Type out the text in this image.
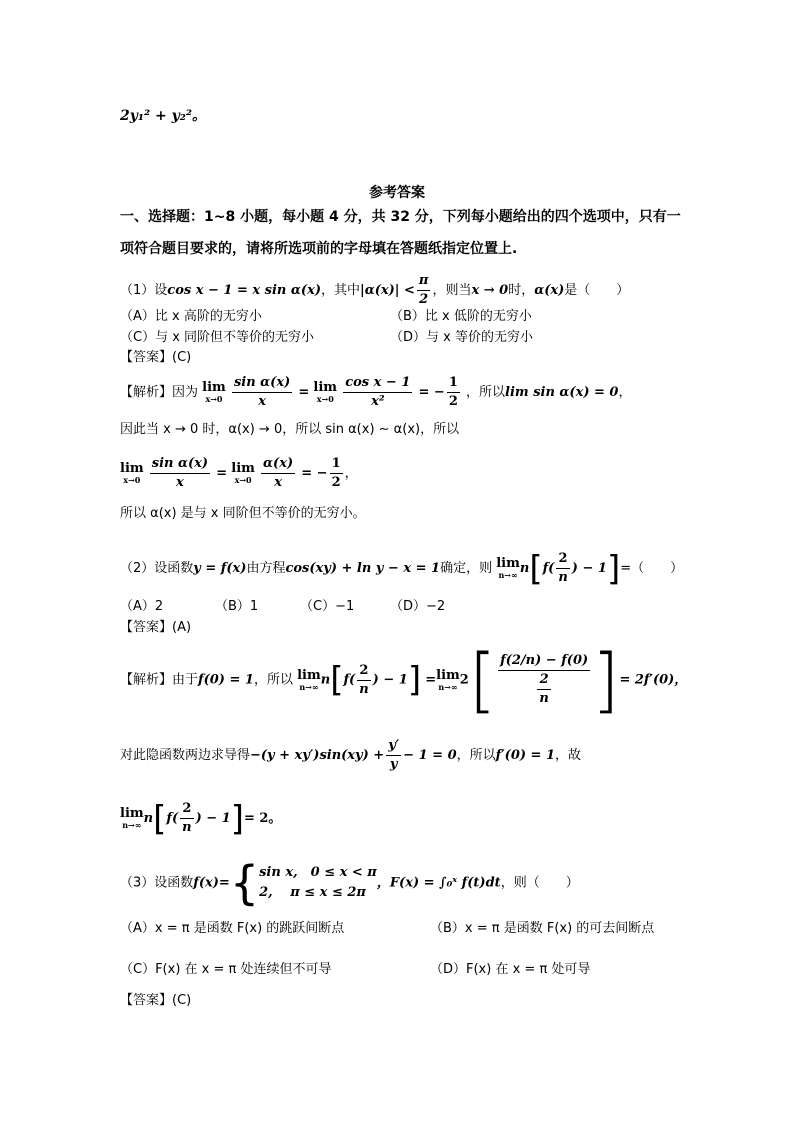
2y₁² + y₂²。
参考答案
一、选择题：1~8 小题，每小题 4 分，共 32 分，下列每小题给出的四个选项中，只有一
项符合题目要求的，请将所选项前的字母填在答题纸指定位置上.
（1）设cos x − 1 = x sin α(x)，其中$|\alpha(x)| < \frac{\pi}{2}$ ，则当x → 0时，α(x)是（　　）
（A）比 x 高阶的无穷小	（B）比 x 低阶的无穷小
（C）与 x 同阶但不等价的无穷小	（D）与 x 等价的无穷小
【答案】(C)
【解析】因为 lim
x→0
$\frac{\text{sin α(x)}}{x} = \lim$
x→0
$\frac{\text{cos x − 1}}{\text{x²}}$ = − $\frac{1}{2}$ ，所以lim sin α(x) = 0，
因此当 x → 0 时，α(x) → 0，所以 sin α(x) ∼ α(x)，所以
lim
x→0
$\frac{\text{sin α(x)}}{x} = \lim$
x→0
$\frac{\alpha(x)}{x}$ = − $\frac{1}{2}$ ，
所以 α(x) 是与 x 同阶但不等价的无穷小。
（2）设函数y = f(x)由方程cos(xy) + ln y − x = 1确定，则 lim
n→∞ $n[f( \frac{2}{n}$ ) − 1]=（　　）
（A）2	（B）1	（C）−1	（D）−2
【答案】(A)
【解析】由于f(0) = 1，所以 lim
n→∞ $n[f( \frac{2}{n}$ ) − 1] =lim
n→∞ $2[ \frac{f(2/n) - f(0)}{\frac{2}{n}}$ ]= 2f′(0)，
对此隐函数两边求导得$-(y + xy')\sin(xy) + \frac{y'}{y} - 1 = 0$，所以f′(0) = 1，故
lim
n→∞ $n[f( \frac{2}{n}$ ) − 1]= 2。
（3）设函数f(x)={ sin x,　0 ≤ x < π
2,　 π ≤ x ≤ 2π
，F(x) = ∫₀ˣ f(t)dt，则（　　）
（A）x = π 是函数 F(x) 的跳跃间断点	（B）x = π 是函数 F(x) 的可去间断点
（C）F(x) 在 x = π 处连续但不可导	（D）F(x) 在 x = π 处可导
【答案】(C)
